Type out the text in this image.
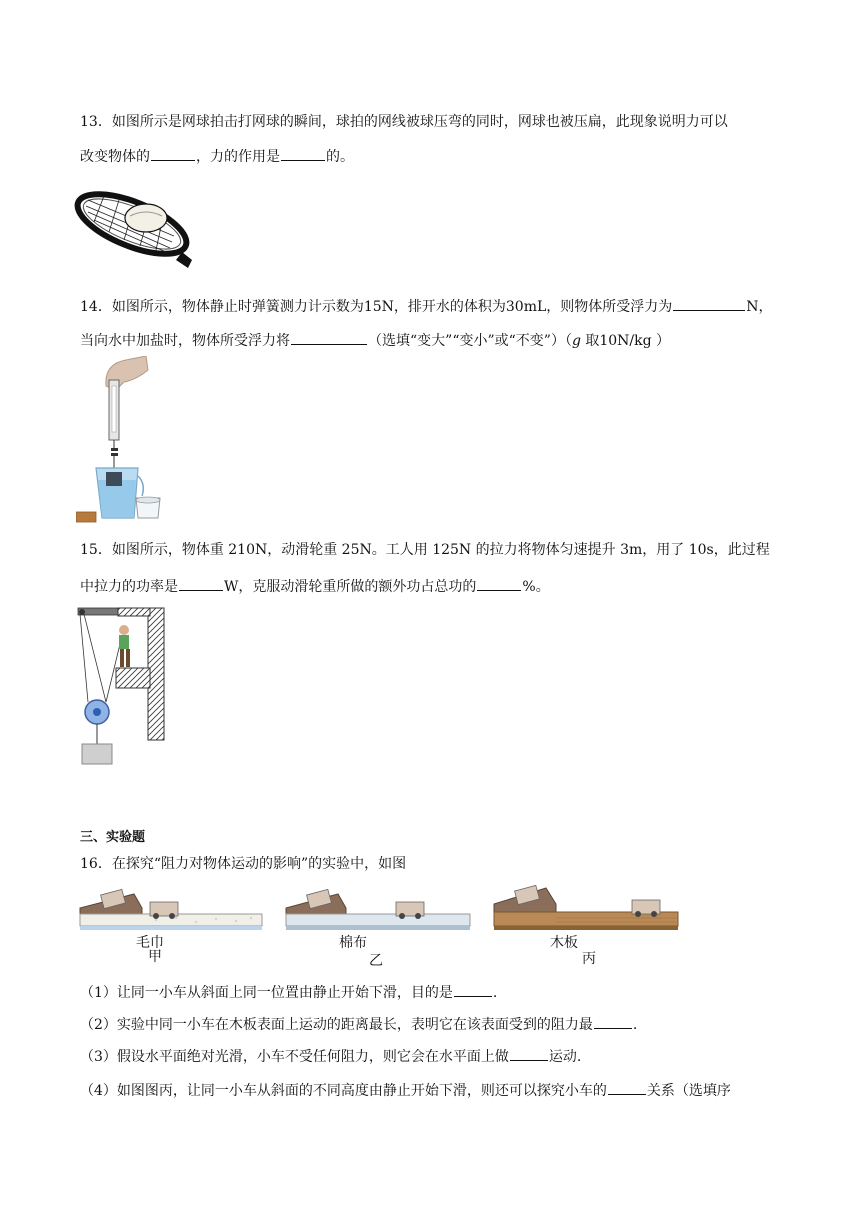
13．如图所示是网球拍击打网球的瞬间，球拍的网线被球压弯的同时，网球也被压扁，此现象说明力可以
改变物体的	，力的作用是	的。
14．如图所示，物体静止时弹簧测力计示数为15N，排开水的体积为30mL，则物体所受浮力为	N，
当向水中加盐时，物体所受浮力将	（选填“变大”“变小”或“不变”）（g 取10N/kg ）
15．如图所示，物体重 210N，动滑轮重 25N。工人用 125N 的拉力将物体匀速提升 3m，用了 10s，此过程
中拉力的功率是	W，克服动滑轮重所做的额外功占总功的	%。
三、实验题
16．在探究“阻力对物体运动的影响”的实验中，如图
毛巾
甲
棉布
乙
木板
丙
（1）让同一小车从斜面上同一位置由静止开始下滑，目的是	.
（2）实验中同一小车在木板表面上运动的距离最长，表明它在该表面受到的阻力最	.
（3）假设水平面绝对光滑，小车不受任何阻力，则它会在水平面上做	运动.
（4）如图图丙，让同一小车从斜面的不同高度由静止开始下滑，则还可以探究小车的	关系（选填序
